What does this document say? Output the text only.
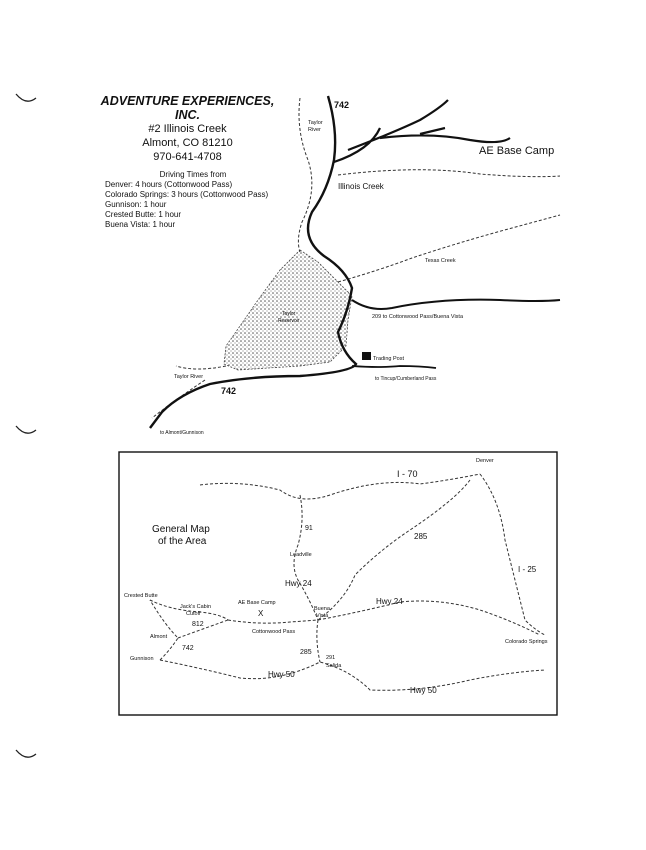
ADVENTURE EXPERIENCES, INC.
#2 Illinois Creek
Almont, CO 81210
970-641-4708
Driving Times from
Denver: 4 hours (Cottonwood Pass)
Colorado Springs: 3 hours (Cottonwood Pass)
Gunnison: 1 hour
Crested Butte: 1 hour
Buena Vista: 1 hour
742
Taylor
River
AE Base Camp
Illinois Creek
Texas Creek
Taylor
Reservoir
209 to Cottonwood Pass/Buena Vista
Trading Post
to Tincup/Cumberland Pass
Taylor River
742
to Almont/Gunnison
General Map
of the Area
I - 70
Denver
91
Leadville
285
I - 25
Hwy 24
Hwy 24
Crested Butte
Jack's Cabin
Cutoff
812
AE Base Camp
X	Buena
Vista
Cottonwood Pass
Colorado Springs
Almont
742
Gunnison
285
291
Salida
Hwy 50
Hwy 50
